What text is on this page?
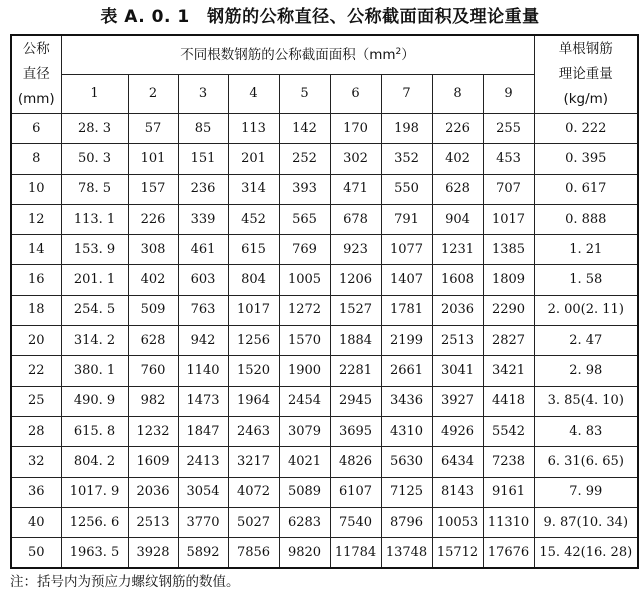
表 A. 0. 1　钢筋的公称直径、公称截面面积及理论重量
公称
直径
(mm)	不同根数钢筋的公称截面面积$(mm^2)$									单根钢筋
理论重量
(kg/m)

	1	2	3	4	5	6	7	8	9	
6	28. 3	57	85	113	142	170	198	226	255	0. 222
8	50. 3	101	151	201	252	302	352	402	453	0. 395
10	78. 5	157	236	314	393	471	550	628	707	0. 617
12	113. 1	226	339	452	565	678	791	904	1017	0. 888
14	153. 9	308	461	615	769	923	1077	1231	1385	1. 21
16	201. 1	402	603	804	1005	1206	1407	1608	1809	1. 58
18	254. 5	509	763	1017	1272	1527	1781	2036	2290	2. 00(2. 11)
20	314. 2	628	942	1256	1570	1884	2199	2513	2827	2. 47
22	380. 1	760	1140	1520	1900	2281	2661	3041	3421	2. 98
25	490. 9	982	1473	1964	2454	2945	3436	3927	4418	3. 85(4. 10)
28	615. 8	1232	1847	2463	3079	3695	4310	4926	5542	4. 83
32	804. 2	1609	2413	3217	4021	4826	5630	6434	7238	6. 31(6. 65)
36	1017. 9	2036	3054	4072	5089	6107	7125	8143	9161	7. 99
40	1256. 6	2513	3770	5027	6283	7540	8796	10053	11310	9. 87(10. 34)
50	1963. 5	3928	5892	7856	9820	11784	13748	15712	17676	15. 42(16. 28)
注：括号内为预应力螺纹钢筋的数值。
